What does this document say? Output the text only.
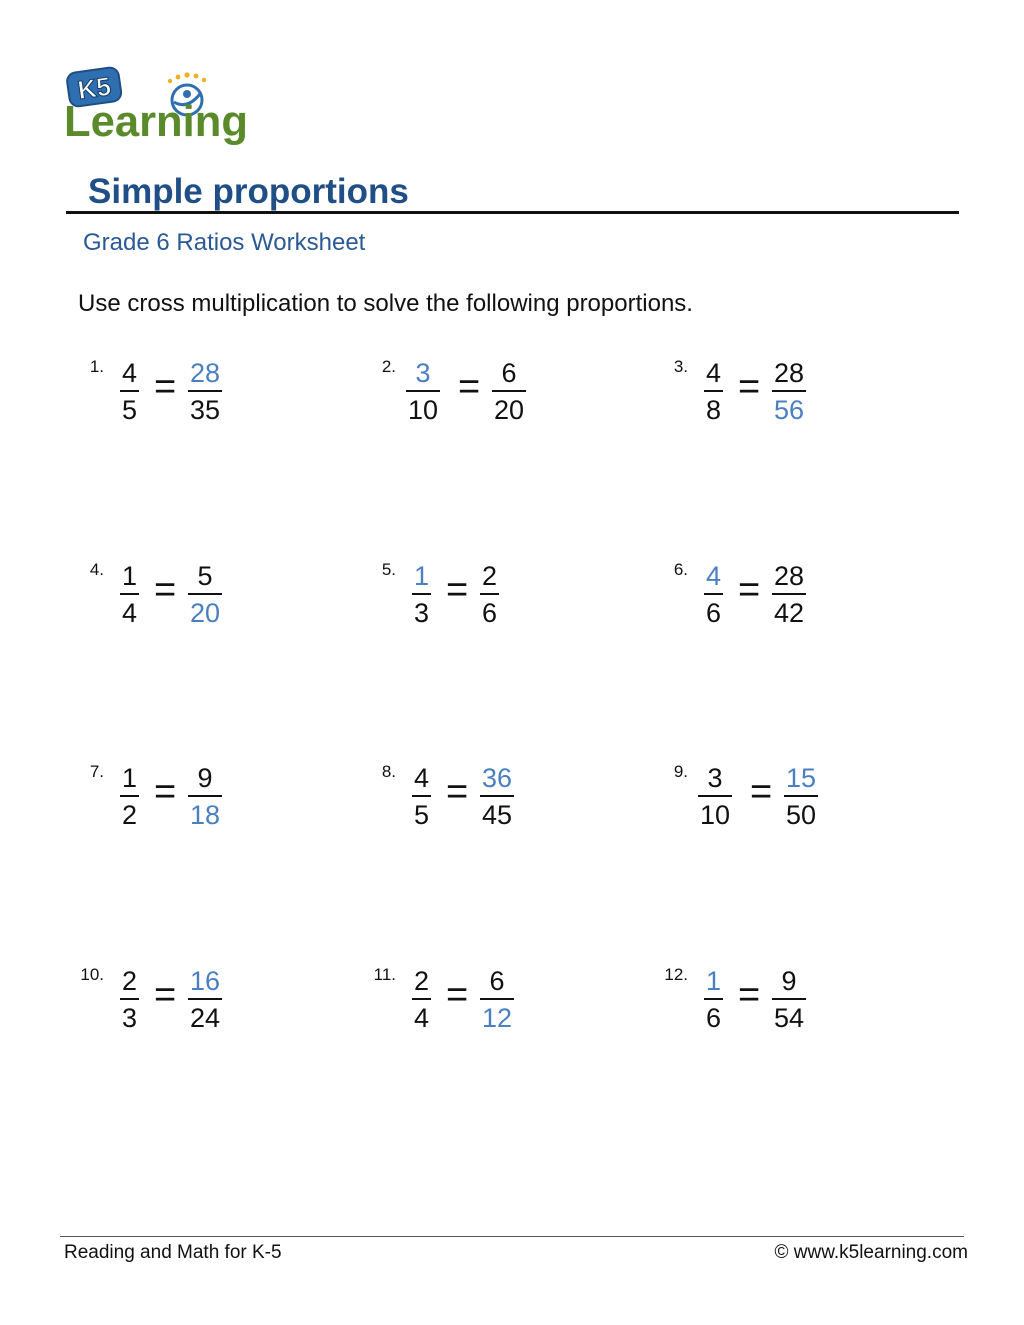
K5
Learning
Simple proportions
Grade 6 Ratios Worksheet
Use cross multiplication to solve the following proportions.
1. 4
5
= 28
35
2. 3
10
= 6
20
3. 4
8
= 28
56
4. 1
4
= 5
20
5. 1
3
= 2
6
6. 4
6
= 28
42
7. 1
2
= 9
18
8. 4
5
= 36
45
9. 3
10
= 15
50
10. 2
3
= 16
24
11. 2
4
= 6
12
12. 1
6
= 9
54
Reading and Math for K-5	© www.k5learning.com
